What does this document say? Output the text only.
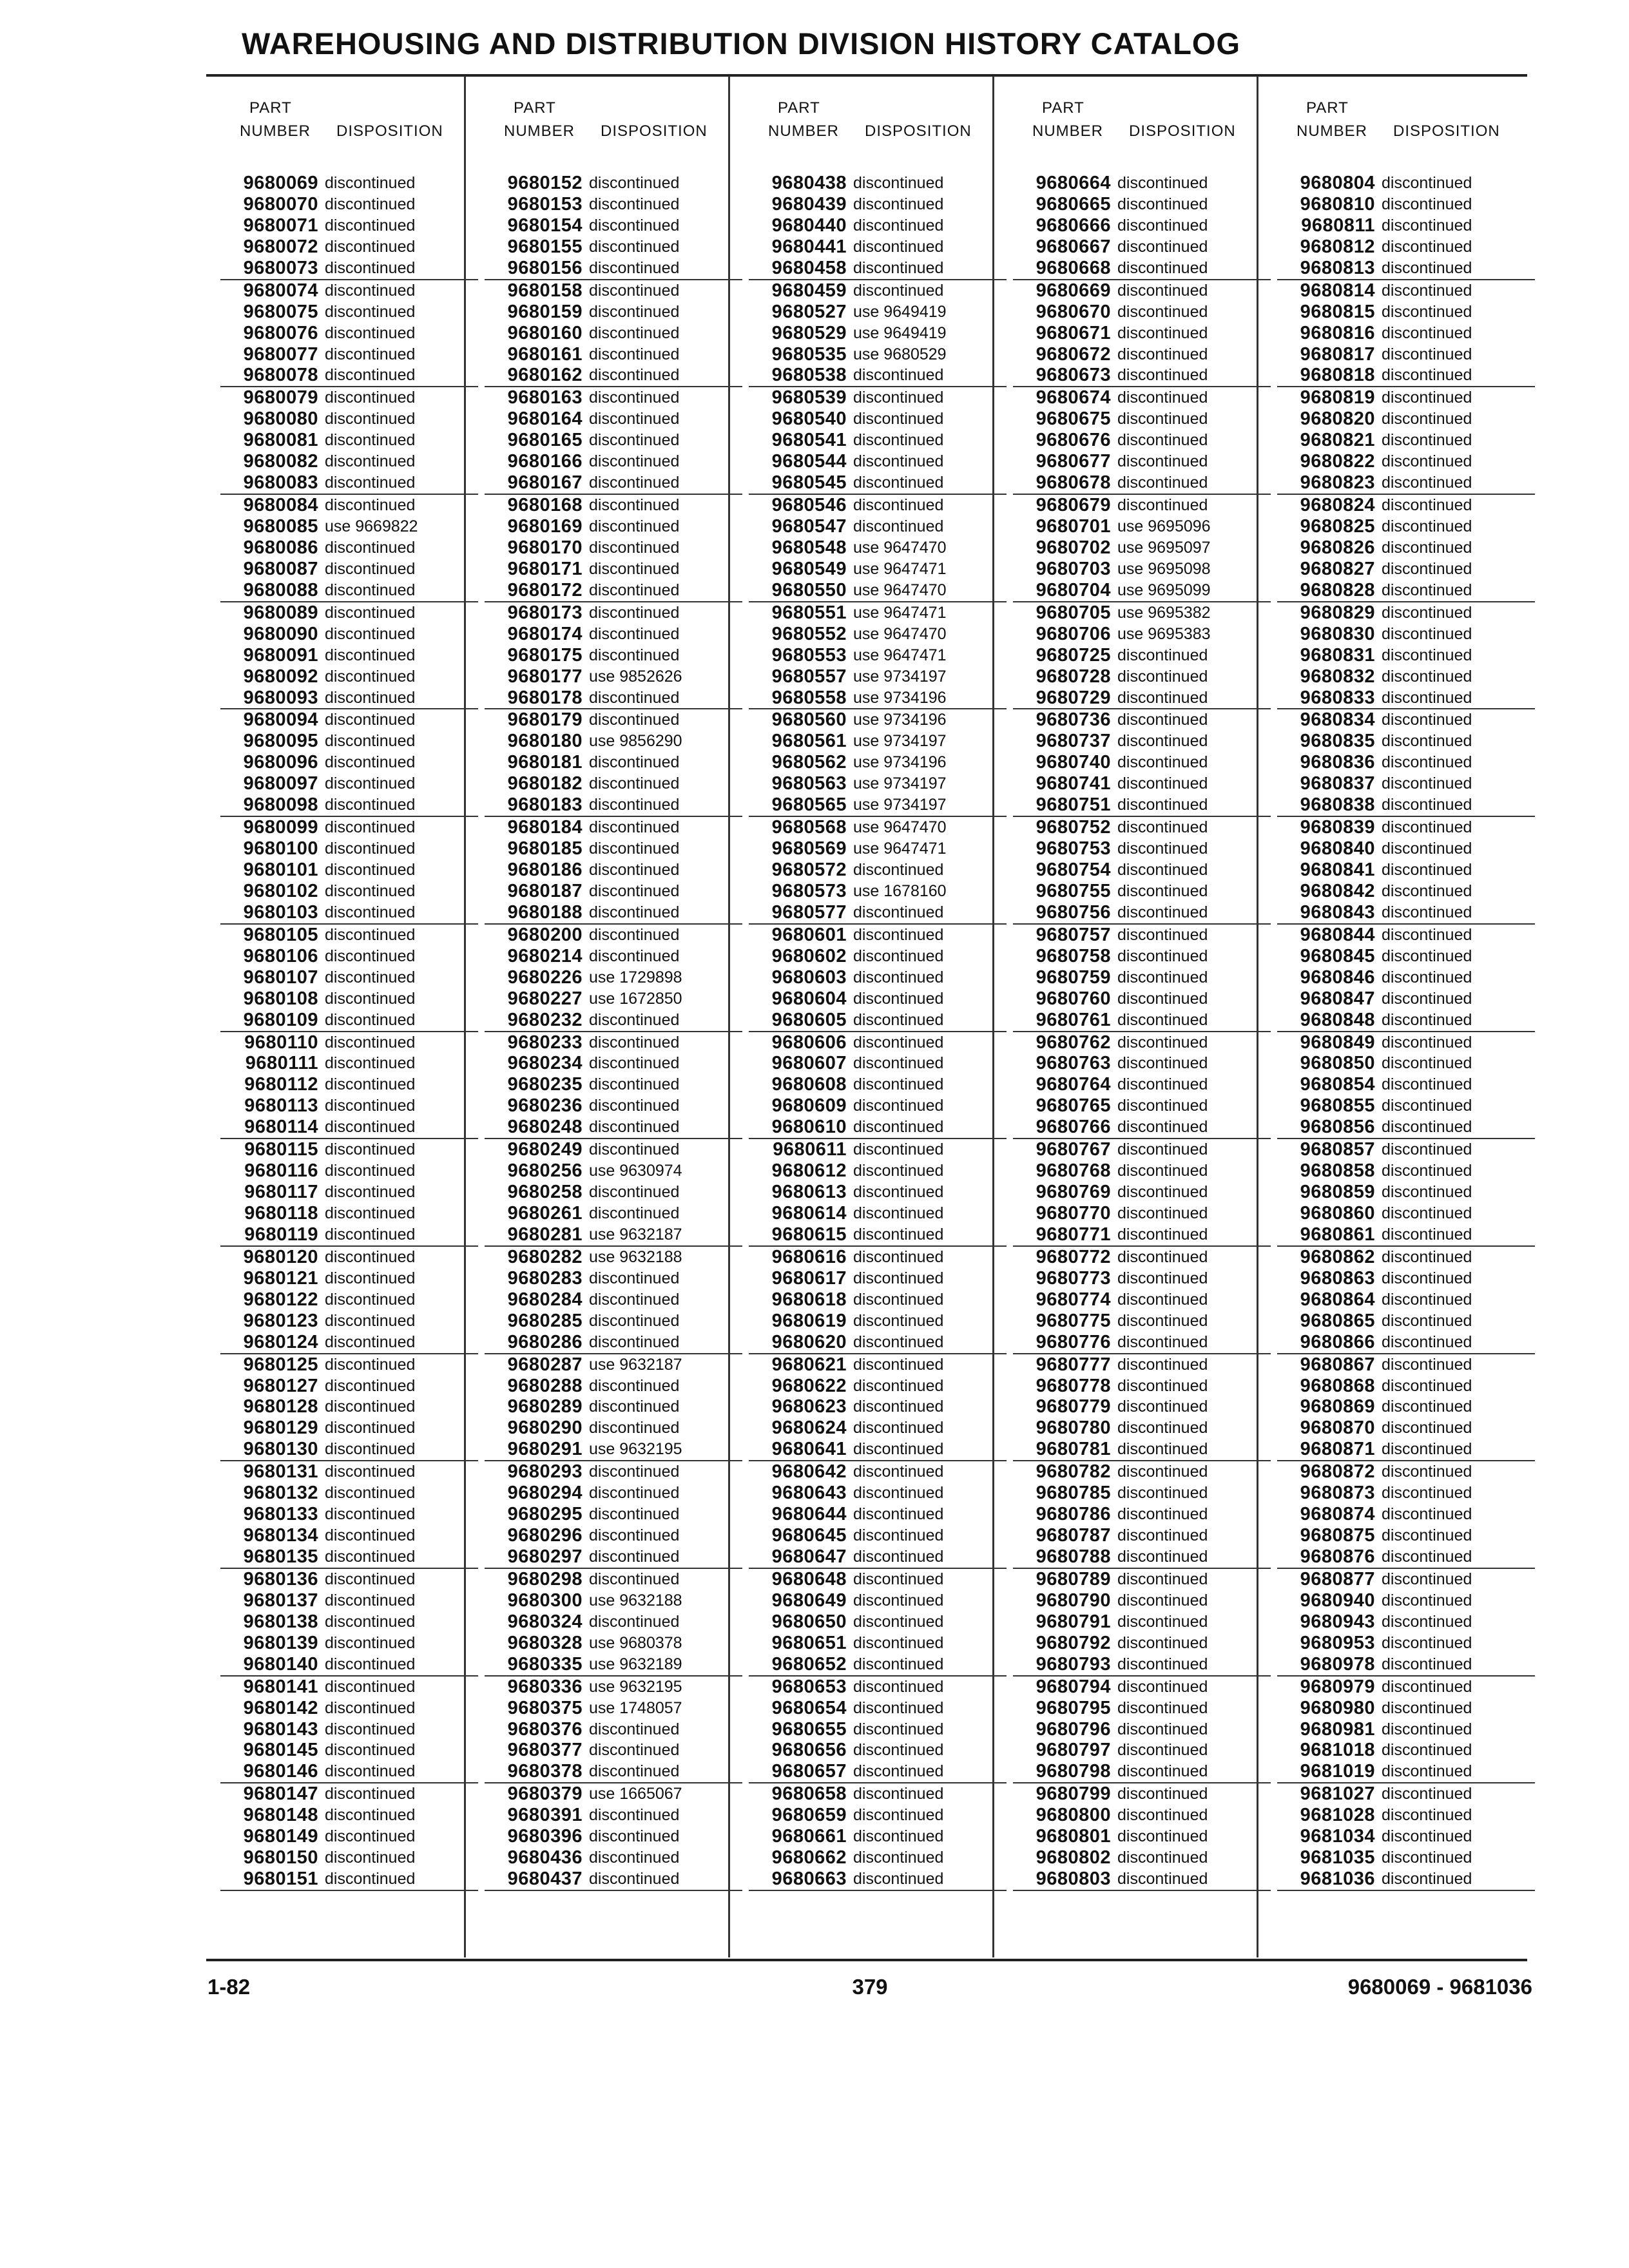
WAREHOUSING AND DISTRIBUTION DIVISION HISTORY CATALOG
PART
NUMBER DISPOSITION
9680069 discontinued
9680070 discontinued
9680071 discontinued
9680072 discontinued
9680073 discontinued
9680074 discontinued
9680075 discontinued
9680076 discontinued
9680077 discontinued
9680078 discontinued
9680079 discontinued
9680080 discontinued
9680081 discontinued
9680082 discontinued
9680083 discontinued
9680084 discontinued
9680085 use 9669822
9680086 discontinued
9680087 discontinued
9680088 discontinued
9680089 discontinued
9680090 discontinued
9680091 discontinued
9680092 discontinued
9680093 discontinued
9680094 discontinued
9680095 discontinued
9680096 discontinued
9680097 discontinued
9680098 discontinued
9680099 discontinued
9680100 discontinued
9680101 discontinued
9680102 discontinued
9680103 discontinued
9680105 discontinued
9680106 discontinued
9680107 discontinued
9680108 discontinued
9680109 discontinued
9680110 discontinued
9680111 discontinued
9680112 discontinued
9680113 discontinued
9680114 discontinued
9680115 discontinued
9680116 discontinued
9680117 discontinued
9680118 discontinued
9680119 discontinued
9680120 discontinued
9680121 discontinued
9680122 discontinued
9680123 discontinued
9680124 discontinued
9680125 discontinued
9680127 discontinued
9680128 discontinued
9680129 discontinued
9680130 discontinued
9680131 discontinued
9680132 discontinued
9680133 discontinued
9680134 discontinued
9680135 discontinued
9680136 discontinued
9680137 discontinued
9680138 discontinued
9680139 discontinued
9680140 discontinued
9680141 discontinued
9680142 discontinued
9680143 discontinued
9680145 discontinued
9680146 discontinued
9680147 discontinued
9680148 discontinued
9680149 discontinued
9680150 discontinued
9680151 discontinued
PART
NUMBER DISPOSITION
9680152 discontinued
9680153 discontinued
9680154 discontinued
9680155 discontinued
9680156 discontinued
9680158 discontinued
9680159 discontinued
9680160 discontinued
9680161 discontinued
9680162 discontinued
9680163 discontinued
9680164 discontinued
9680165 discontinued
9680166 discontinued
9680167 discontinued
9680168 discontinued
9680169 discontinued
9680170 discontinued
9680171 discontinued
9680172 discontinued
9680173 discontinued
9680174 discontinued
9680175 discontinued
9680177 use 9852626
9680178 discontinued
9680179 discontinued
9680180 use 9856290
9680181 discontinued
9680182 discontinued
9680183 discontinued
9680184 discontinued
9680185 discontinued
9680186 discontinued
9680187 discontinued
9680188 discontinued
9680200 discontinued
9680214 discontinued
9680226 use 1729898
9680227 use 1672850
9680232 discontinued
9680233 discontinued
9680234 discontinued
9680235 discontinued
9680236 discontinued
9680248 discontinued
9680249 discontinued
9680256 use 9630974
9680258 discontinued
9680261 discontinued
9680281 use 9632187
9680282 use 9632188
9680283 discontinued
9680284 discontinued
9680285 discontinued
9680286 discontinued
9680287 use 9632187
9680288 discontinued
9680289 discontinued
9680290 discontinued
9680291 use 9632195
9680293 discontinued
9680294 discontinued
9680295 discontinued
9680296 discontinued
9680297 discontinued
9680298 discontinued
9680300 use 9632188
9680324 discontinued
9680328 use 9680378
9680335 use 9632189
9680336 use 9632195
9680375 use 1748057
9680376 discontinued
9680377 discontinued
9680378 discontinued
9680379 use 1665067
9680391 discontinued
9680396 discontinued
9680436 discontinued
9680437 discontinued
PART
NUMBER DISPOSITION
9680438 discontinued
9680439 discontinued
9680440 discontinued
9680441 discontinued
9680458 discontinued
9680459 discontinued
9680527 use 9649419
9680529 use 9649419
9680535 use 9680529
9680538 discontinued
9680539 discontinued
9680540 discontinued
9680541 discontinued
9680544 discontinued
9680545 discontinued
9680546 discontinued
9680547 discontinued
9680548 use 9647470
9680549 use 9647471
9680550 use 9647470
9680551 use 9647471
9680552 use 9647470
9680553 use 9647471
9680557 use 9734197
9680558 use 9734196
9680560 use 9734196
9680561 use 9734197
9680562 use 9734196
9680563 use 9734197
9680565 use 9734197
9680568 use 9647470
9680569 use 9647471
9680572 discontinued
9680573 use 1678160
9680577 discontinued
9680601 discontinued
9680602 discontinued
9680603 discontinued
9680604 discontinued
9680605 discontinued
9680606 discontinued
9680607 discontinued
9680608 discontinued
9680609 discontinued
9680610 discontinued
9680611 discontinued
9680612 discontinued
9680613 discontinued
9680614 discontinued
9680615 discontinued
9680616 discontinued
9680617 discontinued
9680618 discontinued
9680619 discontinued
9680620 discontinued
9680621 discontinued
9680622 discontinued
9680623 discontinued
9680624 discontinued
9680641 discontinued
9680642 discontinued
9680643 discontinued
9680644 discontinued
9680645 discontinued
9680647 discontinued
9680648 discontinued
9680649 discontinued
9680650 discontinued
9680651 discontinued
9680652 discontinued
9680653 discontinued
9680654 discontinued
9680655 discontinued
9680656 discontinued
9680657 discontinued
9680658 discontinued
9680659 discontinued
9680661 discontinued
9680662 discontinued
9680663 discontinued
PART
NUMBER DISPOSITION
9680664 discontinued
9680665 discontinued
9680666 discontinued
9680667 discontinued
9680668 discontinued
9680669 discontinued
9680670 discontinued
9680671 discontinued
9680672 discontinued
9680673 discontinued
9680674 discontinued
9680675 discontinued
9680676 discontinued
9680677 discontinued
9680678 discontinued
9680679 discontinued
9680701 use 9695096
9680702 use 9695097
9680703 use 9695098
9680704 use 9695099
9680705 use 9695382
9680706 use 9695383
9680725 discontinued
9680728 discontinued
9680729 discontinued
9680736 discontinued
9680737 discontinued
9680740 discontinued
9680741 discontinued
9680751 discontinued
9680752 discontinued
9680753 discontinued
9680754 discontinued
9680755 discontinued
9680756 discontinued
9680757 discontinued
9680758 discontinued
9680759 discontinued
9680760 discontinued
9680761 discontinued
9680762 discontinued
9680763 discontinued
9680764 discontinued
9680765 discontinued
9680766 discontinued
9680767 discontinued
9680768 discontinued
9680769 discontinued
9680770 discontinued
9680771 discontinued
9680772 discontinued
9680773 discontinued
9680774 discontinued
9680775 discontinued
9680776 discontinued
9680777 discontinued
9680778 discontinued
9680779 discontinued
9680780 discontinued
9680781 discontinued
9680782 discontinued
9680785 discontinued
9680786 discontinued
9680787 discontinued
9680788 discontinued
9680789 discontinued
9680790 discontinued
9680791 discontinued
9680792 discontinued
9680793 discontinued
9680794 discontinued
9680795 discontinued
9680796 discontinued
9680797 discontinued
9680798 discontinued
9680799 discontinued
9680800 discontinued
9680801 discontinued
9680802 discontinued
9680803 discontinued
PART
NUMBER DISPOSITION
9680804 discontinued
9680810 discontinued
9680811 discontinued
9680812 discontinued
9680813 discontinued
9680814 discontinued
9680815 discontinued
9680816 discontinued
9680817 discontinued
9680818 discontinued
9680819 discontinued
9680820 discontinued
9680821 discontinued
9680822 discontinued
9680823 discontinued
9680824 discontinued
9680825 discontinued
9680826 discontinued
9680827 discontinued
9680828 discontinued
9680829 discontinued
9680830 discontinued
9680831 discontinued
9680832 discontinued
9680833 discontinued
9680834 discontinued
9680835 discontinued
9680836 discontinued
9680837 discontinued
9680838 discontinued
9680839 discontinued
9680840 discontinued
9680841 discontinued
9680842 discontinued
9680843 discontinued
9680844 discontinued
9680845 discontinued
9680846 discontinued
9680847 discontinued
9680848 discontinued
9680849 discontinued
9680850 discontinued
9680854 discontinued
9680855 discontinued
9680856 discontinued
9680857 discontinued
9680858 discontinued
9680859 discontinued
9680860 discontinued
9680861 discontinued
9680862 discontinued
9680863 discontinued
9680864 discontinued
9680865 discontinued
9680866 discontinued
9680867 discontinued
9680868 discontinued
9680869 discontinued
9680870 discontinued
9680871 discontinued
9680872 discontinued
9680873 discontinued
9680874 discontinued
9680875 discontinued
9680876 discontinued
9680877 discontinued
9680940 discontinued
9680943 discontinued
9680953 discontinued
9680978 discontinued
9680979 discontinued
9680980 discontinued
9680981 discontinued
9681018 discontinued
9681019 discontinued
9681027 discontinued
9681028 discontinued
9681034 discontinued
9681035 discontinued
9681036 discontinued
1-82	379	9680069 - 9681036
